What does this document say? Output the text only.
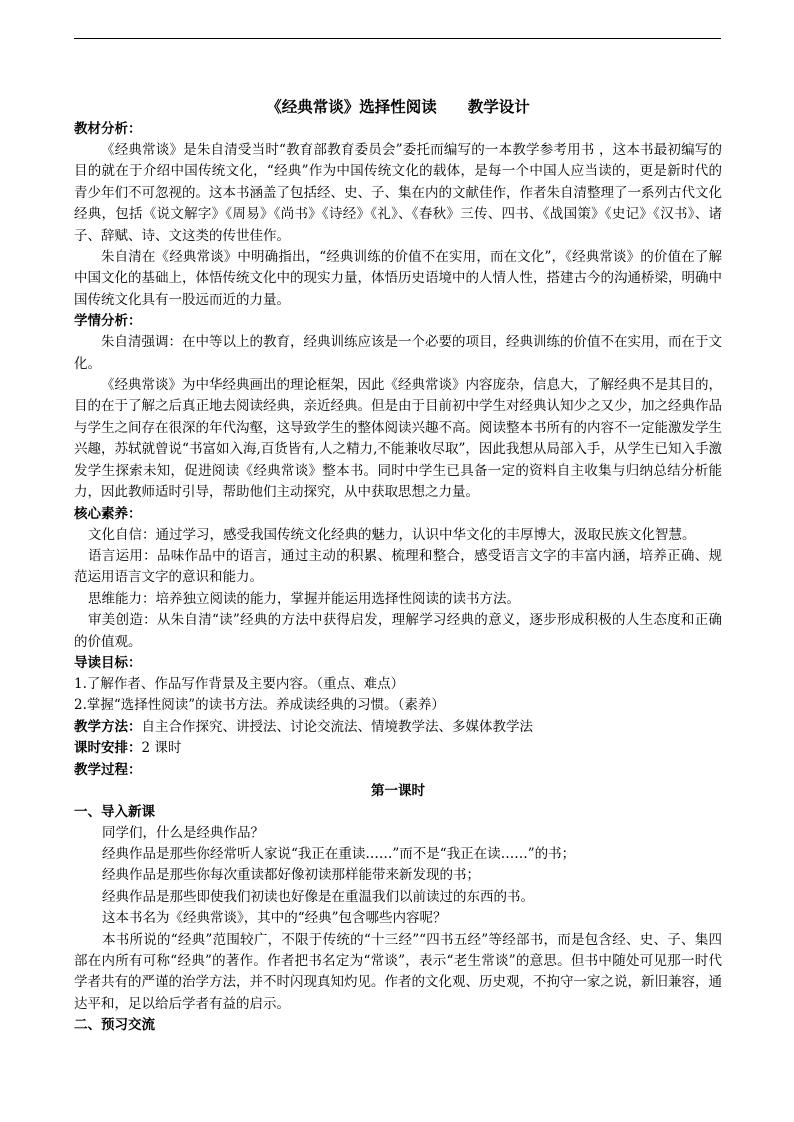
《经典常谈》选择性阅读　　教学设计
教材分析：
《经典常谈》是朱自清受当时“教育部教育委员会”委托而编写的一本教学参考用书 ，这本书最初编写的目的就在于介绍中国传统文化，“经典”作为中国传统文化的载体，是每一个中国人应当读的，更是新时代的青少年们不可忽视的。这本书涵盖了包括经、史、子、集在内的文献佳作，作者朱自清整理了一系列古代文化经典，包括《说文解字》《周易》《尚书》《诗经》《礼》、《春秋》三传、四书、《战国策》《史记》《汉书》、诸子、辞赋、诗、文这类的传世佳作。
朱自清在《经典常谈》中明确指出，“经典训练的价值不在实用，而在文化”，《经典常谈》的价值在了解中国文化的基础上，体悟传统文化中的现实力量，体悟历史语境中的人情人性，搭建古今的沟通桥梁，明确中国传统文化具有一股远而近的力量。
学情分析：
朱自清强调：在中等以上的教育，经典训练应该是一个必要的项目，经典训练的价值不在实用，而在于文化。
《经典常谈》为中华经典画出的理论框架，因此《经典常谈》内容庞杂，信息大，了解经典不是其目的，目的在于了解之后真正地去阅读经典，亲近经典。但是由于目前初中学生对经典认知少之又少，加之经典作品与学生之间存在很深的年代沟壑，这导致学生的整体阅读兴趣不高。阅读整本书所有的内容不一定能激发学生兴趣，苏轼就曾说“书富如入海,百货皆有,人之精力,不能兼收尽取”，因此我想从局部入手，从学生已知入手激发学生探索未知，促进阅读《经典常谈》整本书。同时中学生已具备一定的资料自主收集与归纳总结分析能力，因此教师适时引导，帮助他们主动探究，从中获取思想之力量。
核心素养：
文化自信：通过学习，感受我国传统文化经典的魅力，认识中华文化的丰厚博大，汲取民族文化智慧。
语言运用：品味作品中的语言，通过主动的积累、梳理和整合，感受语言文字的丰富内涵，培养正确、规范运用语言文字的意识和能力。
思维能力：培养独立阅读的能力，掌握并能运用选择性阅读的读书方法。
审美创造：从朱自清“读”经典的方法中获得启发，理解学习经典的意义，逐步形成积极的人生态度和正确的价值观。
导读目标：
1.了解作者、作品写作背景及主要内容。（重点、难点）
2.掌握“选择性阅读”的读书方法。养成读经典的习惯。（素养）
教学方法：自主合作探究、讲授法、讨论交流法、情境教学法、多媒体教学法
课时安排：2 课时
教学过程：
第一课时
一、导入新课
同学们，什么是经典作品？
经典作品是那些你经常听人家说“我正在重读……”而不是“我正在读……”的书；
经典作品是那些你每次重读都好像初读那样能带来新发现的书；
经典作品是那些即使我们初读也好像是在重温我们以前读过的东西的书。
这本书名为《经典常谈》，其中的“经典”包含哪些内容呢？
本书所说的“经典”范围较广，不限于传统的“十三经”“四书五经”等经部书，而是包含经、史、子、集四部在内所有可称“经典”的著作。作者把书名定为“常谈”，表示“老生常谈”的意思。但书中随处可见那一时代学者共有的严谨的治学方法，并不时闪现真知灼见。作者的文化观、历史观，不拘守一家之说，新旧兼容，通达平和，足以给后学者有益的启示。
二、预习交流
